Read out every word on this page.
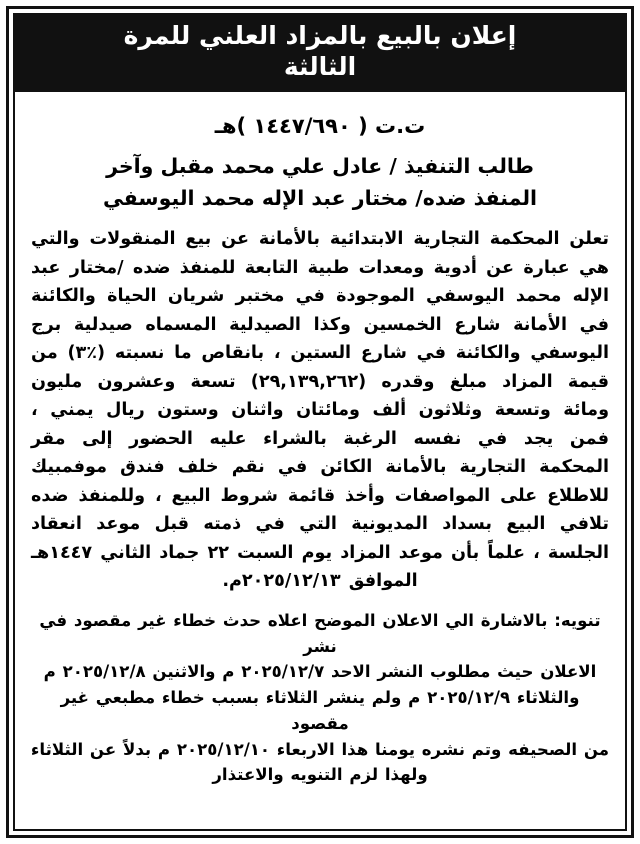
إعلان بالبيع بالمزاد العلني للمرة
الثالثة
ت.ت ( ١٤٤٧/٦٩٠ )هـ
طالب التنفيذ / عادل علي محمد مقبل وآخر
المنفذ ضده/ مختار عبد الإله محمد اليوسفي
تعلن المحكمة التجارية الابتدائية بالأمانة عن بيع المنقولات والتي هي عبارة عن أدوية ومعدات طبية التابعة للمنفذ ضده /مختار عبد الإله محمد اليوسفي الموجودة في مختبر شريان الحياة والكائنة في الأمانة شارع الخمسين وكذا الصيدلية المسماه صيدلية برج اليوسفي والكائنة في شارع الستين ، بانقاص ما نسبته (٪٣) من قيمة المزاد مبلغ وقدره (٢٩,١٣٩,٢٦٢) تسعة وعشرون مليون ومائة وتسعة وثلاثون ألف ومائتان واثنان وستون ريال يمني ، فمن يجد في نفسه الرغبة بالشراء عليه الحضور إلى مقر المحكمة التجارية بالأمانة الكائن في نقم خلف فندق موفمبيك للاطلاع على المواصفات وأخذ قائمة شروط البيع ، وللمنفذ ضده تلافي البيع بسداد المديونية التي في ذمته قبل موعد انعقاد الجلسة ، علماً بأن موعد المزاد يوم السبت ٢٢ جماد الثاني ١٤٤٧هـ الموافق ٢٠٢٥/١٢/١٣م.

تنويه: بالاشارة الي الاعلان الموضح اعلاه حدث خطاء غير مقصود في نشر

الاعلان حيث مطلوب النشر الاحد ٢٠٢٥/١٢/٧ م والاثنين ٢٠٢٥/١٢/٨ م

والثلاثاء ٢٠٢٥/١٢/٩ م ولم ينشر الثلاثاء بسبب خطاء مطبعي غير مقصود

من الصحيفه وتم نشره يومنا هذا الاربعاء ٢٠٢٥/١٢/١٠ م بدلاً عن الثلاثاء

ولهذا لزم التنويه والاعتذار
